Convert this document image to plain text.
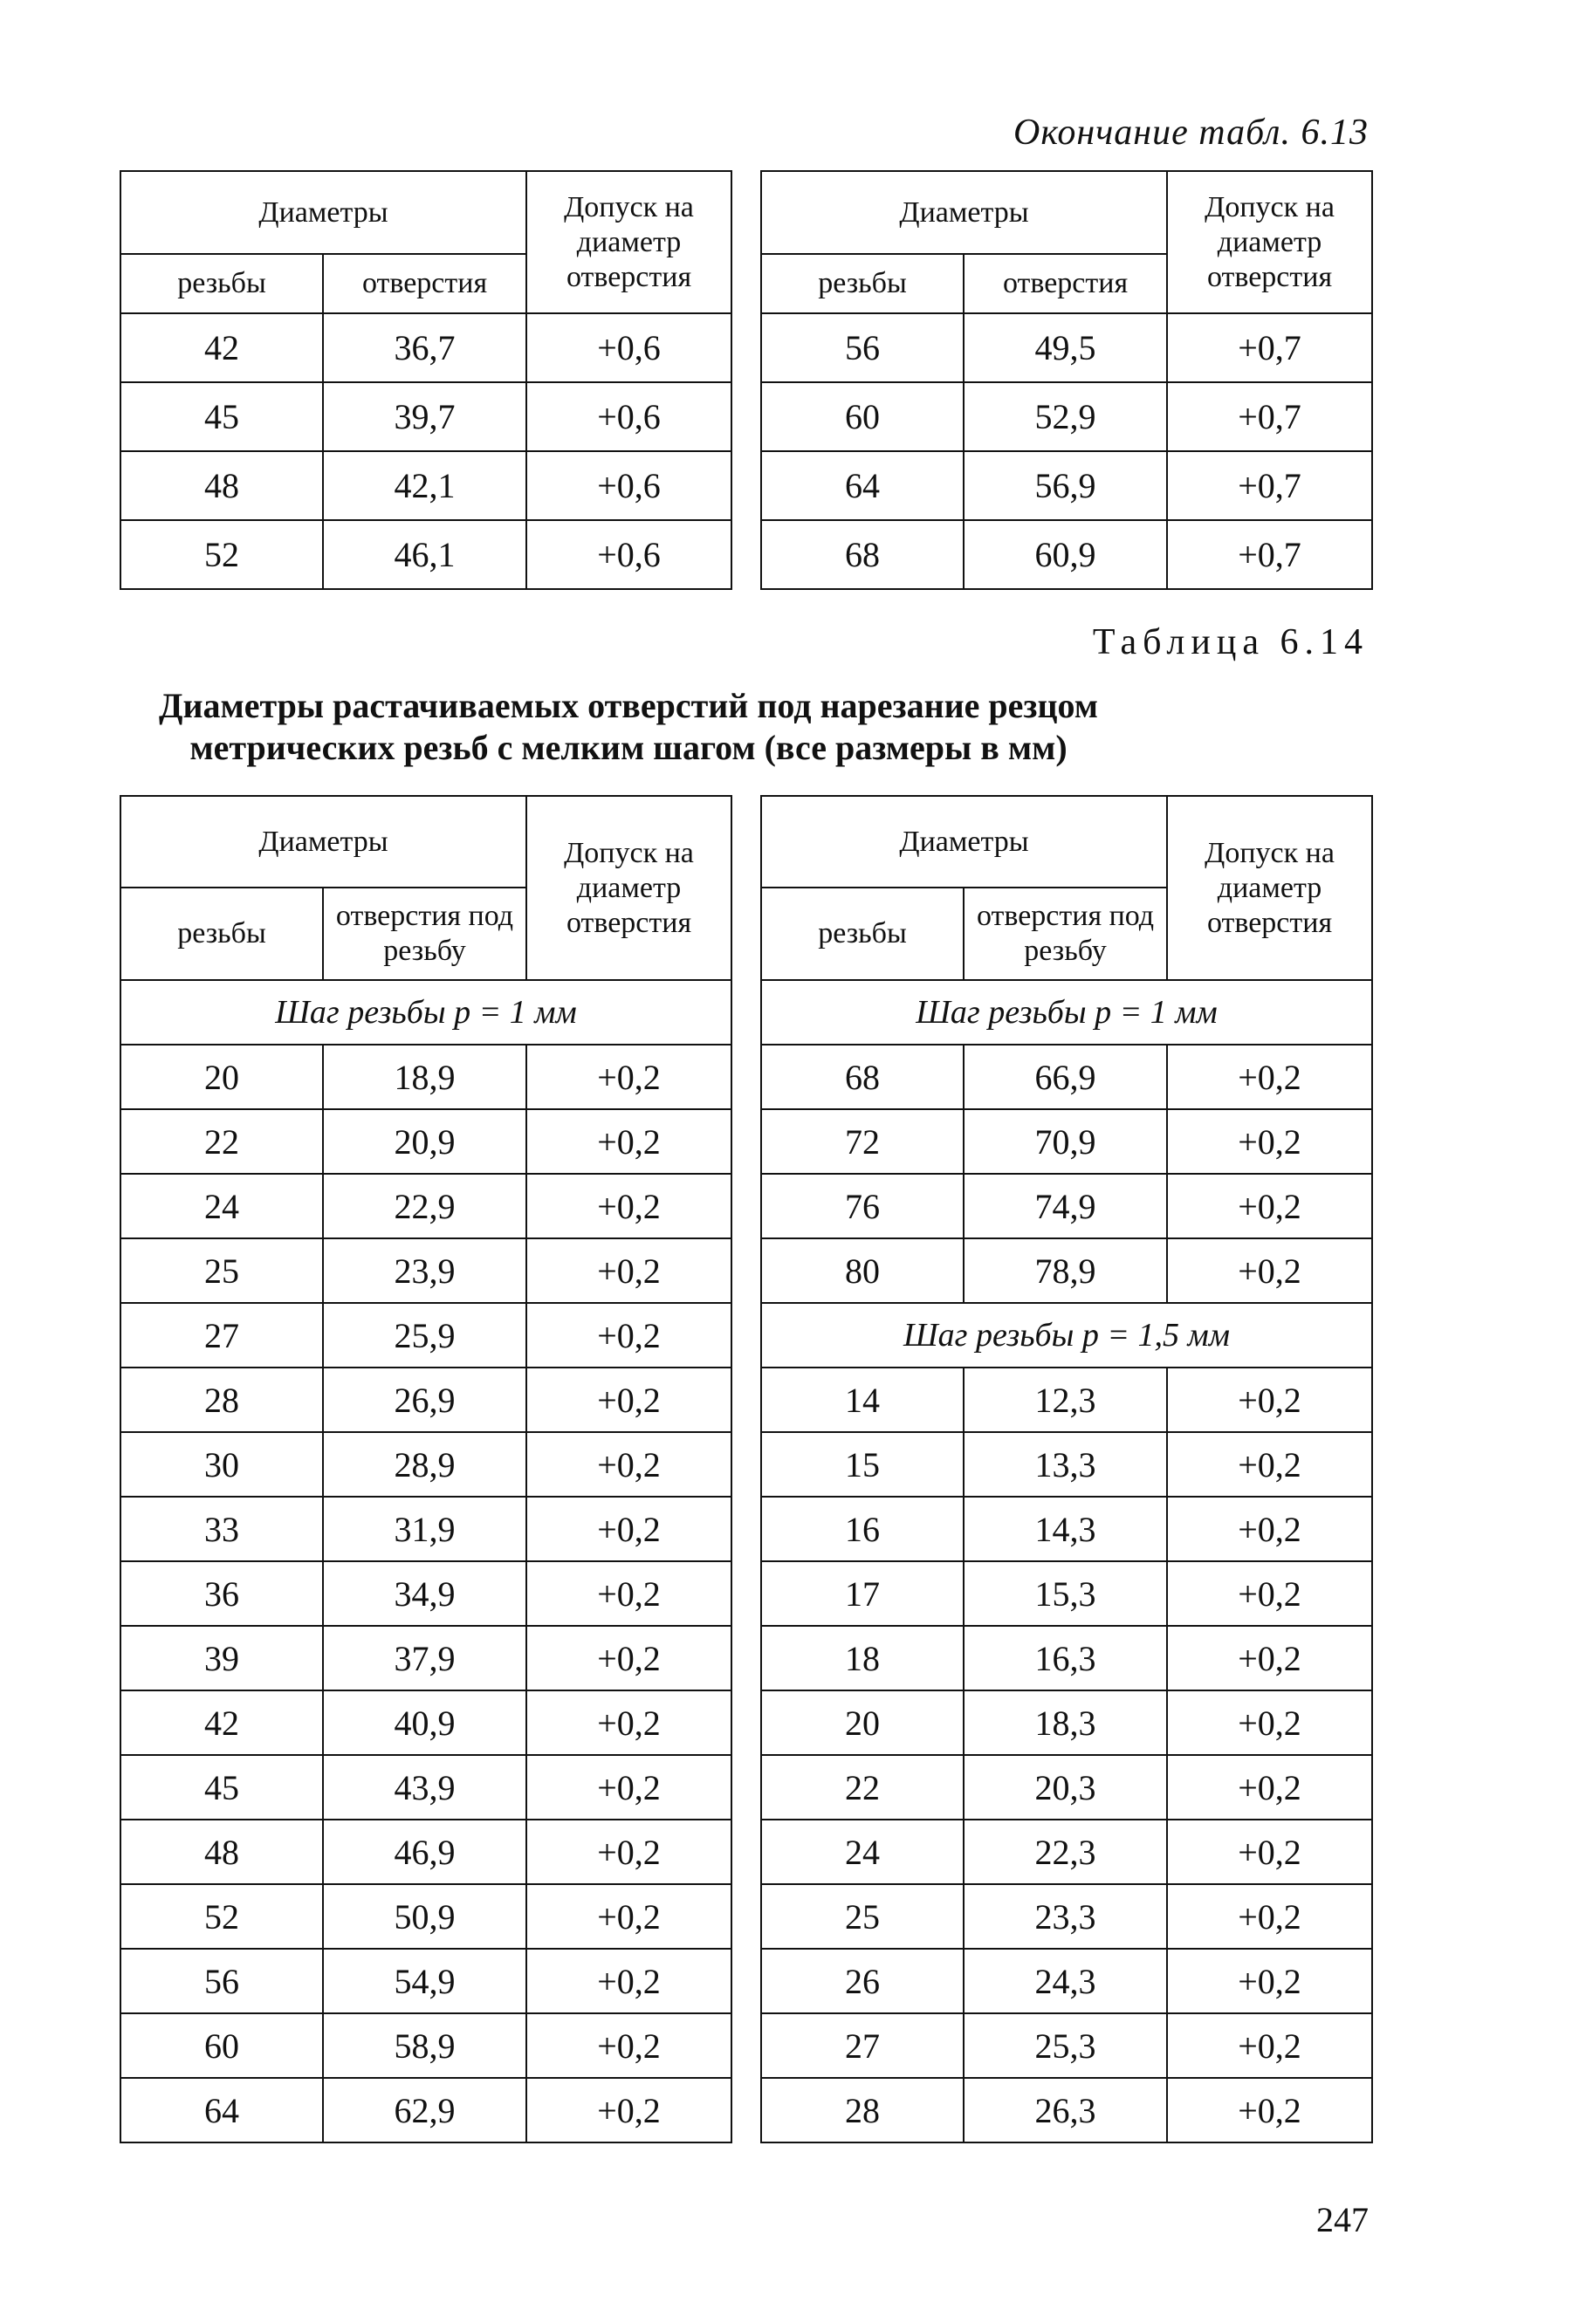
Окончание табл. 6.13
Диаметры		Допуск на диаметр отверстия		Диаметры		Допуск на диаметр отверстия
резьбы	отверстия			резьбы	отверстия	
42	36,7	+0,6		56	49,5	+0,7
45	39,7	+0,6		60	52,9	+0,7
48	42,1	+0,6		64	56,9	+0,7
52	46,1	+0,6		68	60,9	+0,7
Таблица 6.14
Диаметры растачиваемых отверстий под нарезание резцом
метрических резьб с мелким шагом (все размеры в мм)
Диаметры		Допуск на диаметр отверстия		Диаметры		Допуск на диаметр отверстия
резьбы	отверстия под резьбу			резьбы	отверстия под резьбу	
Шаг резьбы p = 1 мм				Шаг резьбы p = 1 мм		
20	18,9	+0,2		68	66,9	+0,2
22	20,9	+0,2		72	70,9	+0,2
24	22,9	+0,2		76	74,9	+0,2
25	23,9	+0,2		80	78,9	+0,2
27	25,9	+0,2		Шаг резьбы p = 1,5 мм		
28	26,9	+0,2		14	12,3	+0,2
30	28,9	+0,2		15	13,3	+0,2
33	31,9	+0,2		16	14,3	+0,2
36	34,9	+0,2		17	15,3	+0,2
39	37,9	+0,2		18	16,3	+0,2
42	40,9	+0,2		20	18,3	+0,2
45	43,9	+0,2		22	20,3	+0,2
48	46,9	+0,2		24	22,3	+0,2
52	50,9	+0,2		25	23,3	+0,2
56	54,9	+0,2		26	24,3	+0,2
60	58,9	+0,2		27	25,3	+0,2
64	62,9	+0,2		28	26,3	+0,2
247
